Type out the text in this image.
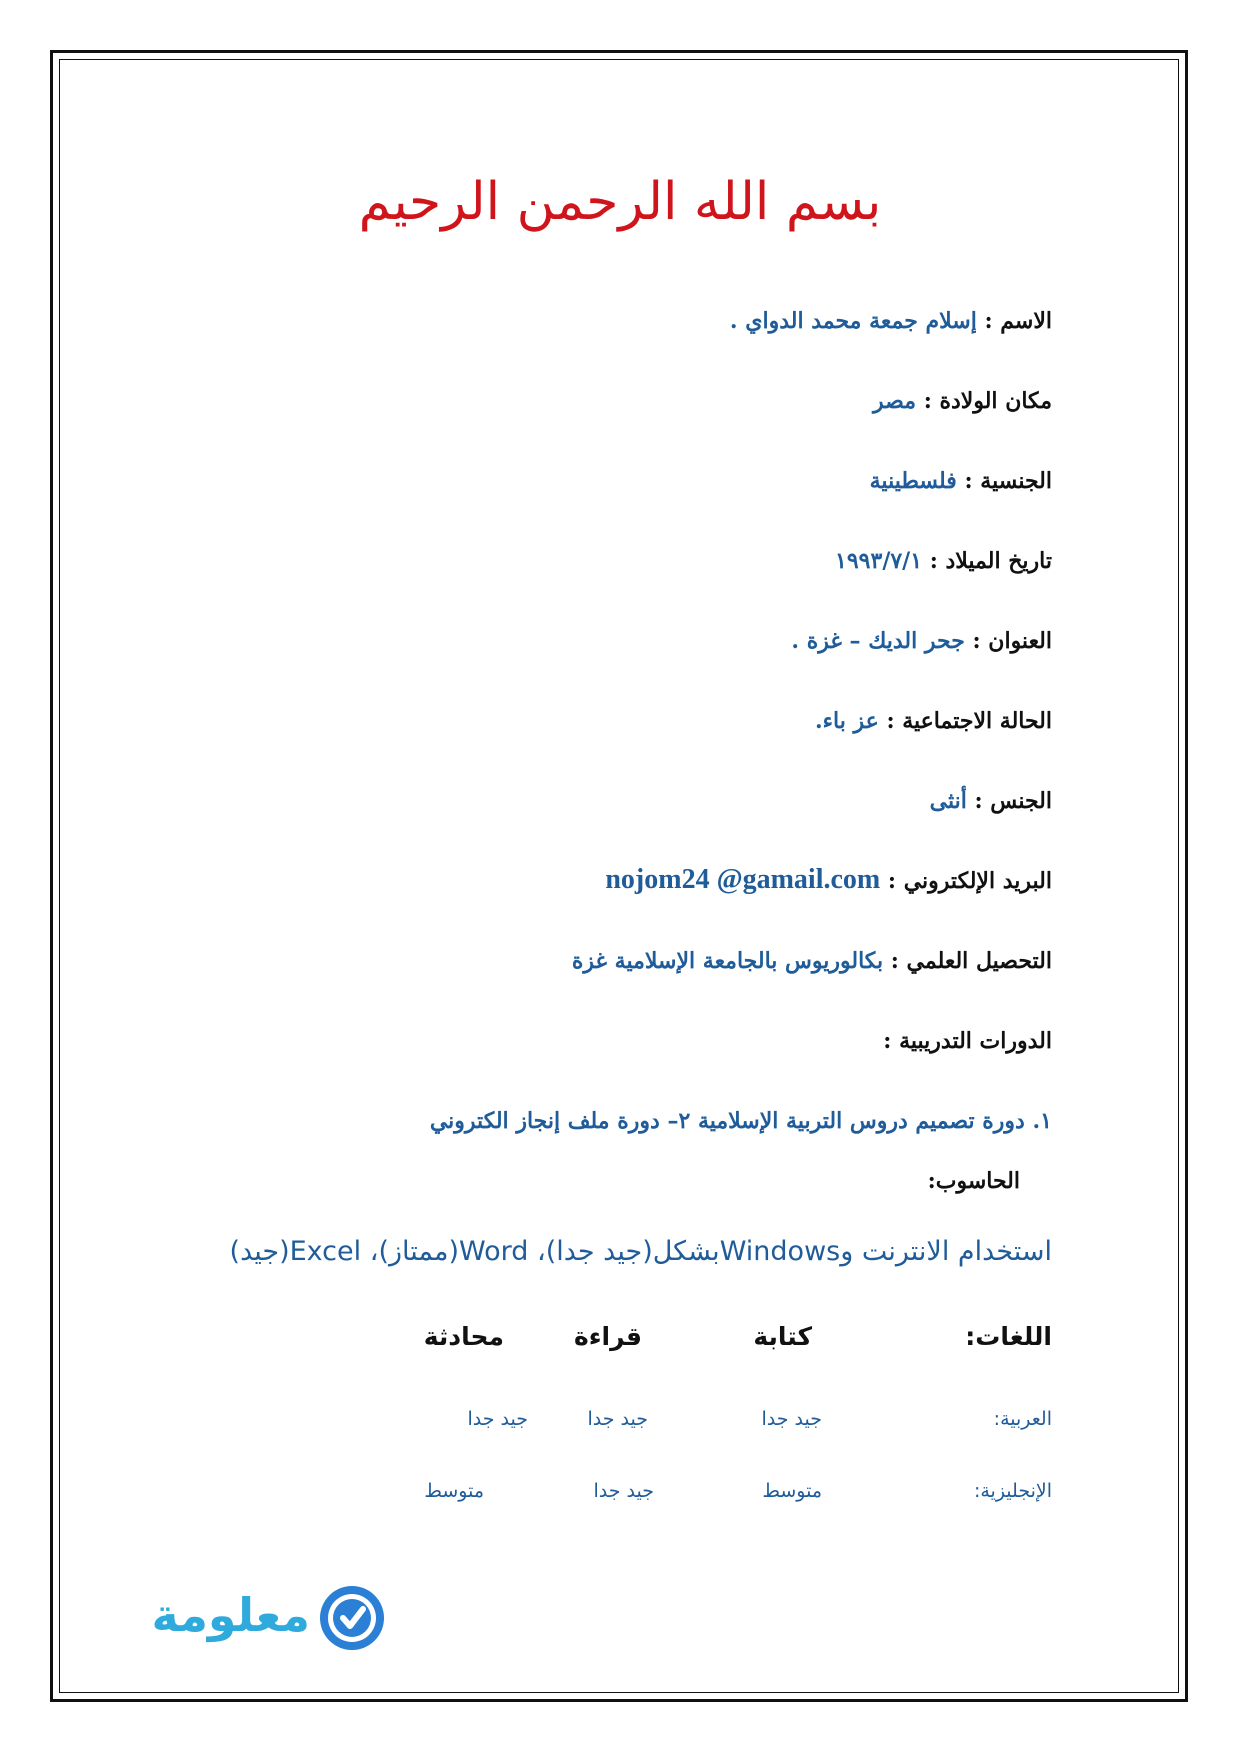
بسم الله الرحمن الرحيم
الاسم : إسلام جمعة محمد الدواي .
مكان الولادة : مصر
الجنسية : فلسطينية
تاريخ الميلاد : ١٩٩٣/٧/١
العنوان : جحر الديك – غزة .
الحالة الاجتماعية : عز باء.
الجنس : أنثى
البريد الإلكتروني : nojom24 @gamail.com
التحصيل العلمي : بكالوريوس بالجامعة الإسلامية غزة
الدورات التدريبية :
١. دورة تصميم دروس التربية الإسلامية ٢– دورة ملف إنجاز الكتروني
الحاسوب:
استخدام الانترنت وWindowsبشكل(جيد جدا)، Word(ممتاز)، Excel(جيد)
اللغات:
كتابة
قراءة
محادثة
العربية:
جيد جدا
جيد جدا
جيد جدا
الإنجليزية:
متوسط
جيد جدا
متوسط
معلومة
